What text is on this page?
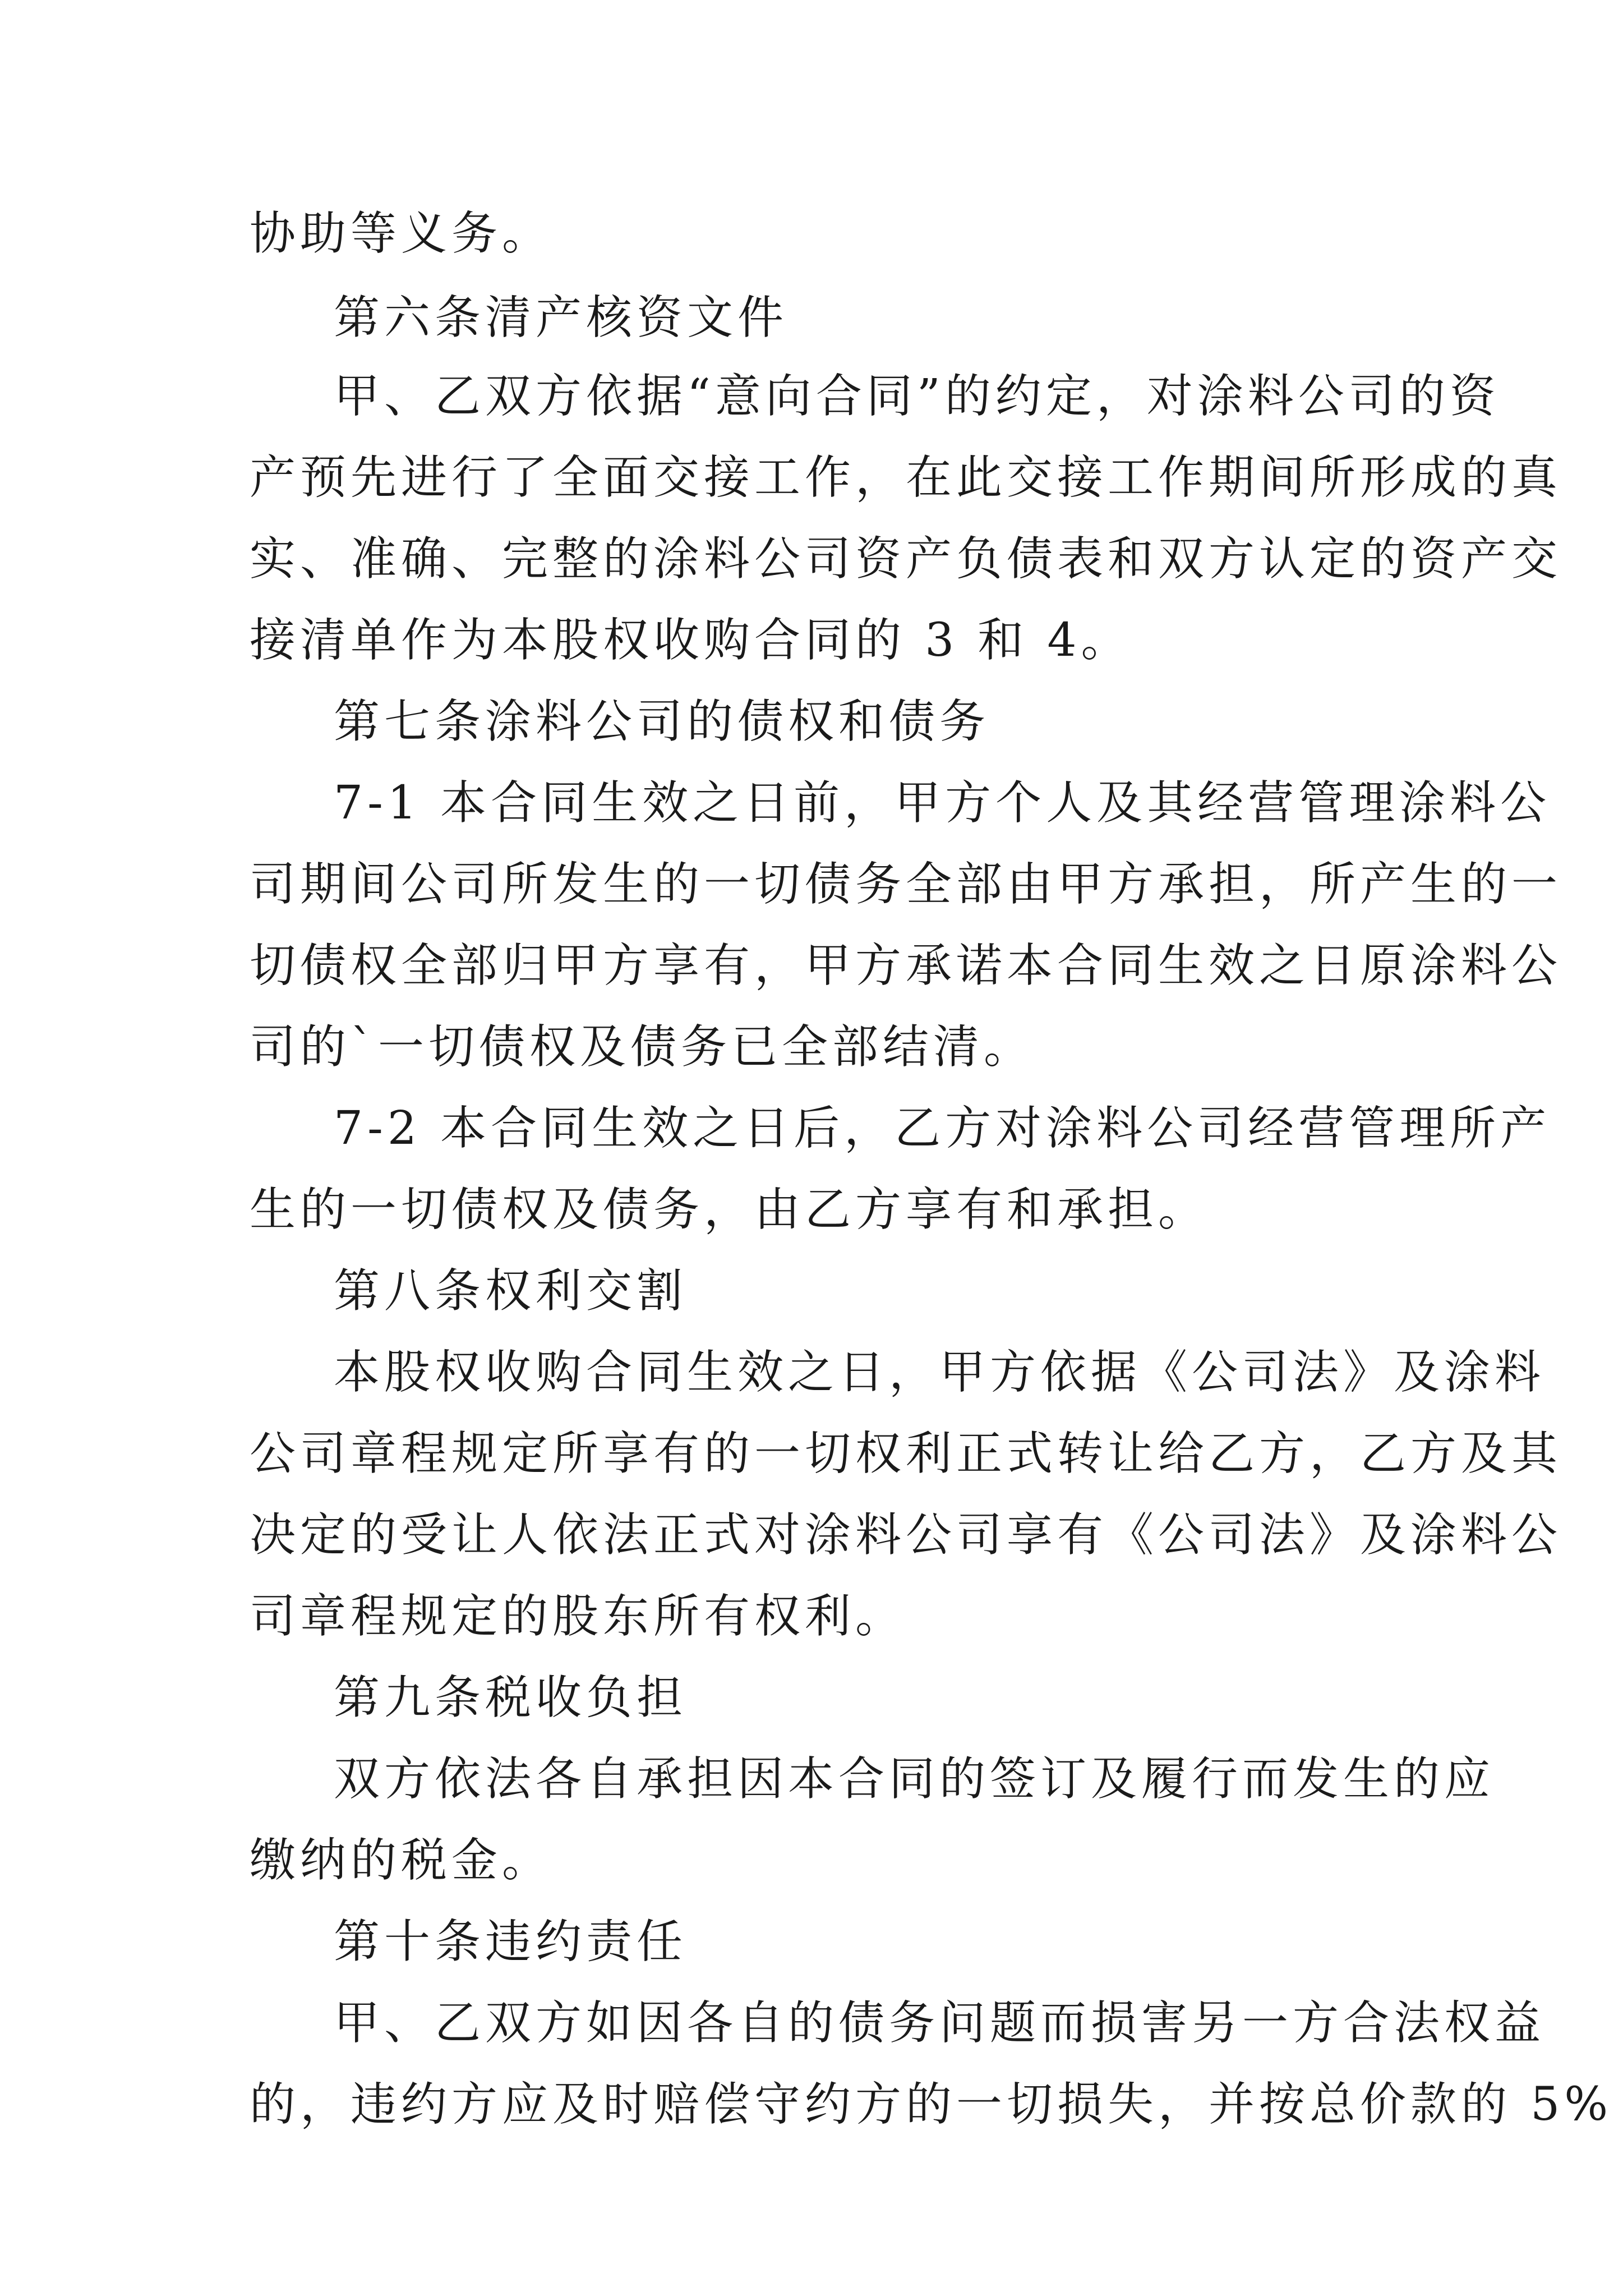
协助等义务。
第六条清产核资文件
甲、乙双方依据“意向合同”的约定，对涂料公司的资
产预先进行了全面交接工作，在此交接工作期间所形成的真
实、准确、完整的涂料公司资产负债表和双方认定的资产交
接清单作为本股权收购合同的 3 和 4。
第七条涂料公司的债权和债务
7-1 本合同生效之日前，甲方个人及其经营管理涂料公
司期间公司所发生的一切债务全部由甲方承担，所产生的一
切债权全部归甲方享有，甲方承诺本合同生效之日原涂料公
司的`一切债权及债务已全部结清。
7-2 本合同生效之日后，乙方对涂料公司经营管理所产
生的一切债权及债务，由乙方享有和承担。
第八条权利交割
本股权收购合同生效之日，甲方依据《公司法》及涂料
公司章程规定所享有的一切权利正式转让给乙方，乙方及其
决定的受让人依法正式对涂料公司享有《公司法》及涂料公
司章程规定的股东所有权利。
第九条税收负担
双方依法各自承担因本合同的签订及履行而发生的应
缴纳的税金。
第十条违约责任
甲、乙双方如因各自的债务问题而损害另一方合法权益
的，违约方应及时赔偿守约方的一切损失，并按总价款的 5%
